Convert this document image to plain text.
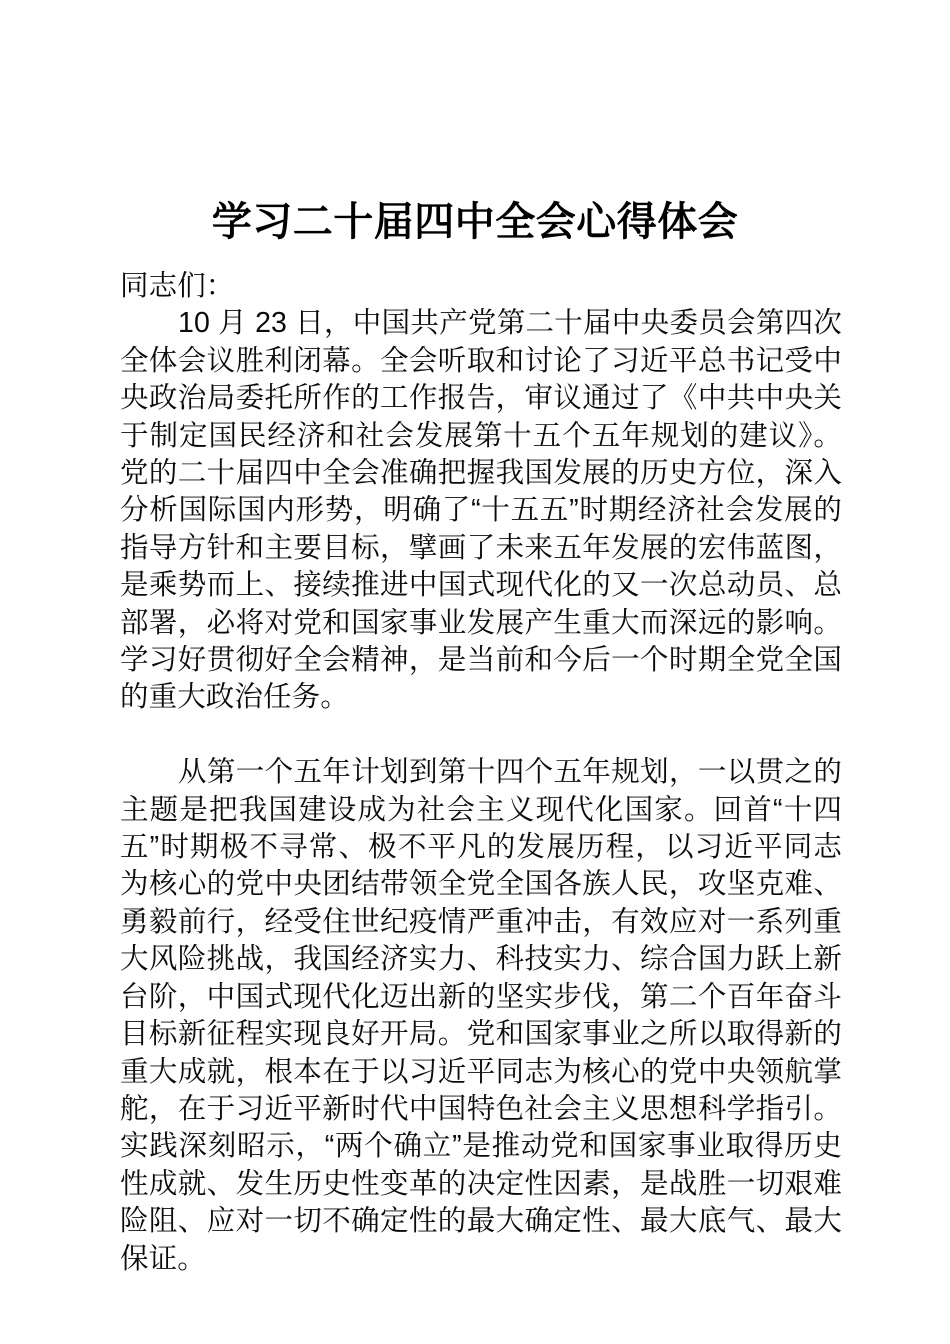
学习二十届四中全会心得体会

同志们：

10 月 23 日，中国共产党第二十届中央委员会第四次全体会议胜利闭幕。全会听取和讨论了习近平总书记受中央政治局委托所作的工作报告，审议通过了《中共中央关于制定国民经济和社会发展第十五个五年规划的建议》。党的二十届四中全会准确把握我国发展的历史方位，深入分析国际国内形势，明确了“十五五”时期经济社会发展的指导方针和主要目标，擘画了未来五年发展的宏伟蓝图，是乘势而上、接续推进中国式现代化的又一次总动员、总部署，必将对党和国家事业发展产生重大而深远的影响。学习好贯彻好全会精神，是当前和今后一个时期全党全国的重大政治任务。

从第一个五年计划到第十四个五年规划，一以贯之的主题是把我国建设成为社会主义现代化国家。回首“十四五”时期极不寻常、极不平凡的发展历程，以习近平同志为核心的党中央团结带领全党全国各族人民，攻坚克难、勇毅前行，经受住世纪疫情严重冲击，有效应对一系列重大风险挑战，我国经济实力、科技实力、综合国力跃上新台阶，中国式现代化迈出新的坚实步伐，第二个百年奋斗目标新征程实现良好开局。党和国家事业之所以取得新的重大成就，根本在于以习近平同志为核心的党中央领航掌舵，在于习近平新时代中国特色社会主义思想科学指引。实践深刻昭示，“两个确立”是推动党和国家事业取得历史性成就、发生历史性变革的决定性因素，是战胜一切艰难险阻、应对一切不确定性的最大确定性、最大底气、最大保证。
